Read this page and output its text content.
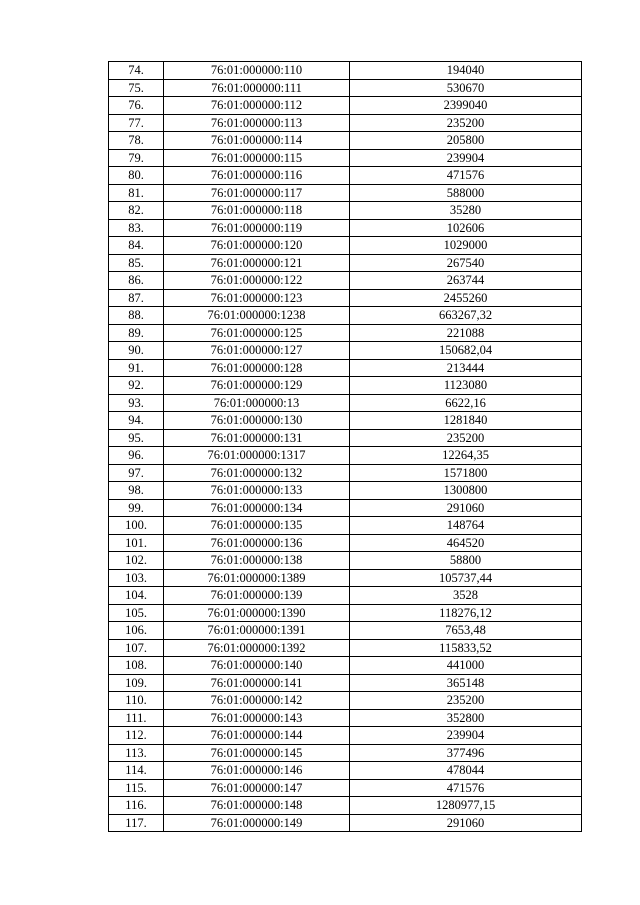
74.	76:01:000000:110	194040
75.	76:01:000000:111	530670
76.	76:01:000000:112	2399040
77.	76:01:000000:113	235200
78.	76:01:000000:114	205800
79.	76:01:000000:115	239904
80.	76:01:000000:116	471576
81.	76:01:000000:117	588000
82.	76:01:000000:118	35280
83.	76:01:000000:119	102606
84.	76:01:000000:120	1029000
85.	76:01:000000:121	267540
86.	76:01:000000:122	263744
87.	76:01:000000:123	2455260
88.	76:01:000000:1238	663267,32
89.	76:01:000000:125	221088
90.	76:01:000000:127	150682,04
91.	76:01:000000:128	213444
92.	76:01:000000:129	1123080
93.	76:01:000000:13	6622,16
94.	76:01:000000:130	1281840
95.	76:01:000000:131	235200
96.	76:01:000000:1317	12264,35
97.	76:01:000000:132	1571800
98.	76:01:000000:133	1300800
99.	76:01:000000:134	291060
100.	76:01:000000:135	148764
101.	76:01:000000:136	464520
102.	76:01:000000:138	58800
103.	76:01:000000:1389	105737,44
104.	76:01:000000:139	3528
105.	76:01:000000:1390	118276,12
106.	76:01:000000:1391	7653,48
107.	76:01:000000:1392	115833,52
108.	76:01:000000:140	441000
109.	76:01:000000:141	365148
110.	76:01:000000:142	235200
111.	76:01:000000:143	352800
112.	76:01:000000:144	239904
113.	76:01:000000:145	377496
114.	76:01:000000:146	478044
115.	76:01:000000:147	471576
116.	76:01:000000:148	1280977,15
117.	76:01:000000:149	291060
